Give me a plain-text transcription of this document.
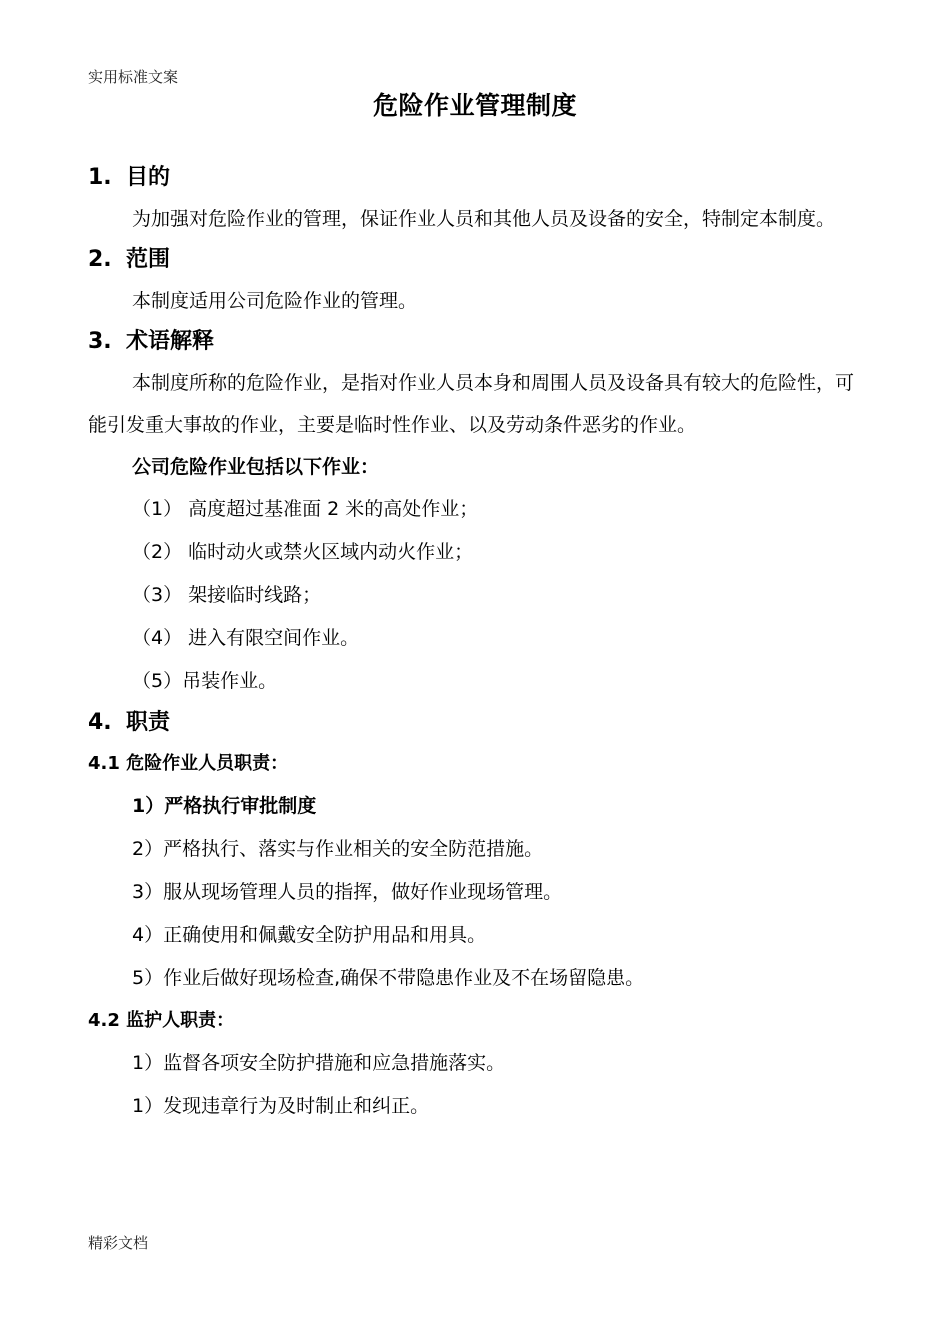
实用标准文案
危险作业管理制度
1. 目的

为加强对危险作业的管理，保证作业人员和其他人员及设备的安全，特制定本制度。

2. 范围

本制度适用公司危险作业的管理。

3. 术语解释

本制度所称的危险作业，是指对作业人员本身和周围人员及设备具有较大的危险性，可能引发重大事故的作业，主要是临时性作业、以及劳动条件恶劣的作业。

公司危险作业包括以下作业：

（1） 高度超过基准面 2 米的高处作业；

（2） 临时动火或禁火区域内动火作业；

（3） 架接临时线路；

（4） 进入有限空间作业。

（5）吊装作业。

4. 职责

4.1 危险作业人员职责：

1）严格执行审批制度

2）严格执行、落实与作业相关的安全防范措施。

3）服从现场管理人员的指挥，做好作业现场管理。

4）正确使用和佩戴安全防护用品和用具。

5）作业后做好现场检查,确保不带隐患作业及不在场留隐患。

4.2 监护人职责：

1）监督各项安全防护措施和应急措施落实。

1）发现违章行为及时制止和纠正。

精彩文档
